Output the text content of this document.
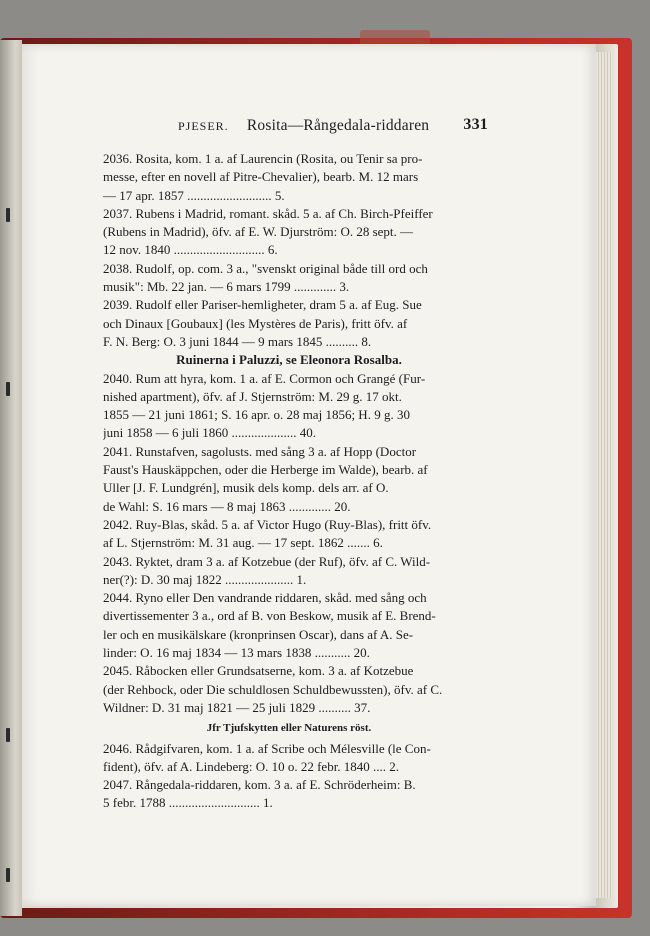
PJESER. Rosita—Rångedala-riddaren 331
2036. Rosita, kom. 1 a. af Laurencin (Rosita, ou Tenir sa pro-
messe, efter en novell af Pitre-Chevalier), bearb. M. 12 mars
— 17 apr. 1857 .......................... 5.
2037. Rubens i Madrid, romant. skåd. 5 a. af Ch. Birch-Pfeiffer
(Rubens in Madrid), öfv. af E. W. Djurström: O. 28 sept. —
12 nov. 1840 ............................ 6.
2038. Rudolf, op. com. 3 a., "svenskt original både till ord och
musik": Mb. 22 jan. — 6 mars 1799 ............. 3.
2039. Rudolf eller Pariser-hemligheter, dram 5 a. af Eug. Sue
och Dinaux [Goubaux] (les Mystères de Paris), fritt öfv. af
F. N. Berg: O. 3 juni 1844 — 9 mars 1845 .......... 8.
Ruinerna i Paluzzi, se Eleonora Rosalba.
2040. Rum att hyra, kom. 1 a. af E. Cormon och Grangé (Fur-
nished apartment), öfv. af J. Stjernström: M. 29 g. 17 okt.
1855 — 21 juni 1861; S. 16 apr. o. 28 maj 1856; H. 9 g. 30
juni 1858 — 6 juli 1860 .................... 40.
2041. Runstafven, sagolusts. med sång 3 a. af Hopp (Doctor
Faust's Hauskäppchen, oder die Herberge im Walde), bearb. af
Uller [J. F. Lundgrén], musik dels komp. dels arr. af O.
de Wahl: S. 16 mars — 8 maj 1863 ............. 20.
2042. Ruy-Blas, skåd. 5 a. af Victor Hugo (Ruy-Blas), fritt öfv.
af L. Stjernström: M. 31 aug. — 17 sept. 1862 ....... 6.
2043. Ryktet, dram 3 a. af Kotzebue (der Ruf), öfv. af C. Wild-
ner(?): D. 30 maj 1822 ..................... 1.
2044. Ryno eller Den vandrande riddaren, skåd. med sång och
divertissementer 3 a., ord af B. von Beskow, musik af E. Brend-
ler och en musikälskare (kronprinsen Oscar), dans af A. Se-
linder: O. 16 maj 1834 — 13 mars 1838 ........... 20.
2045. Råbocken eller Grundsatserne, kom. 3 a. af Kotzebue
(der Rehbock, oder Die schuldlosen Schuldbewussten), öfv. af C.
Wildner: D. 31 maj 1821 — 25 juli 1829 .......... 37.
Jfr Tjufskytten eller Naturens röst.
2046. Rådgifvaren, kom. 1 a. af Scribe och Mélesville (le Con-
fident), öfv. af A. Lindeberg: O. 10 o. 22 febr. 1840 .... 2.
2047. Rångedala-riddaren, kom. 3 a. af E. Schröderheim: B.
5 febr. 1788 ............................ 1.
